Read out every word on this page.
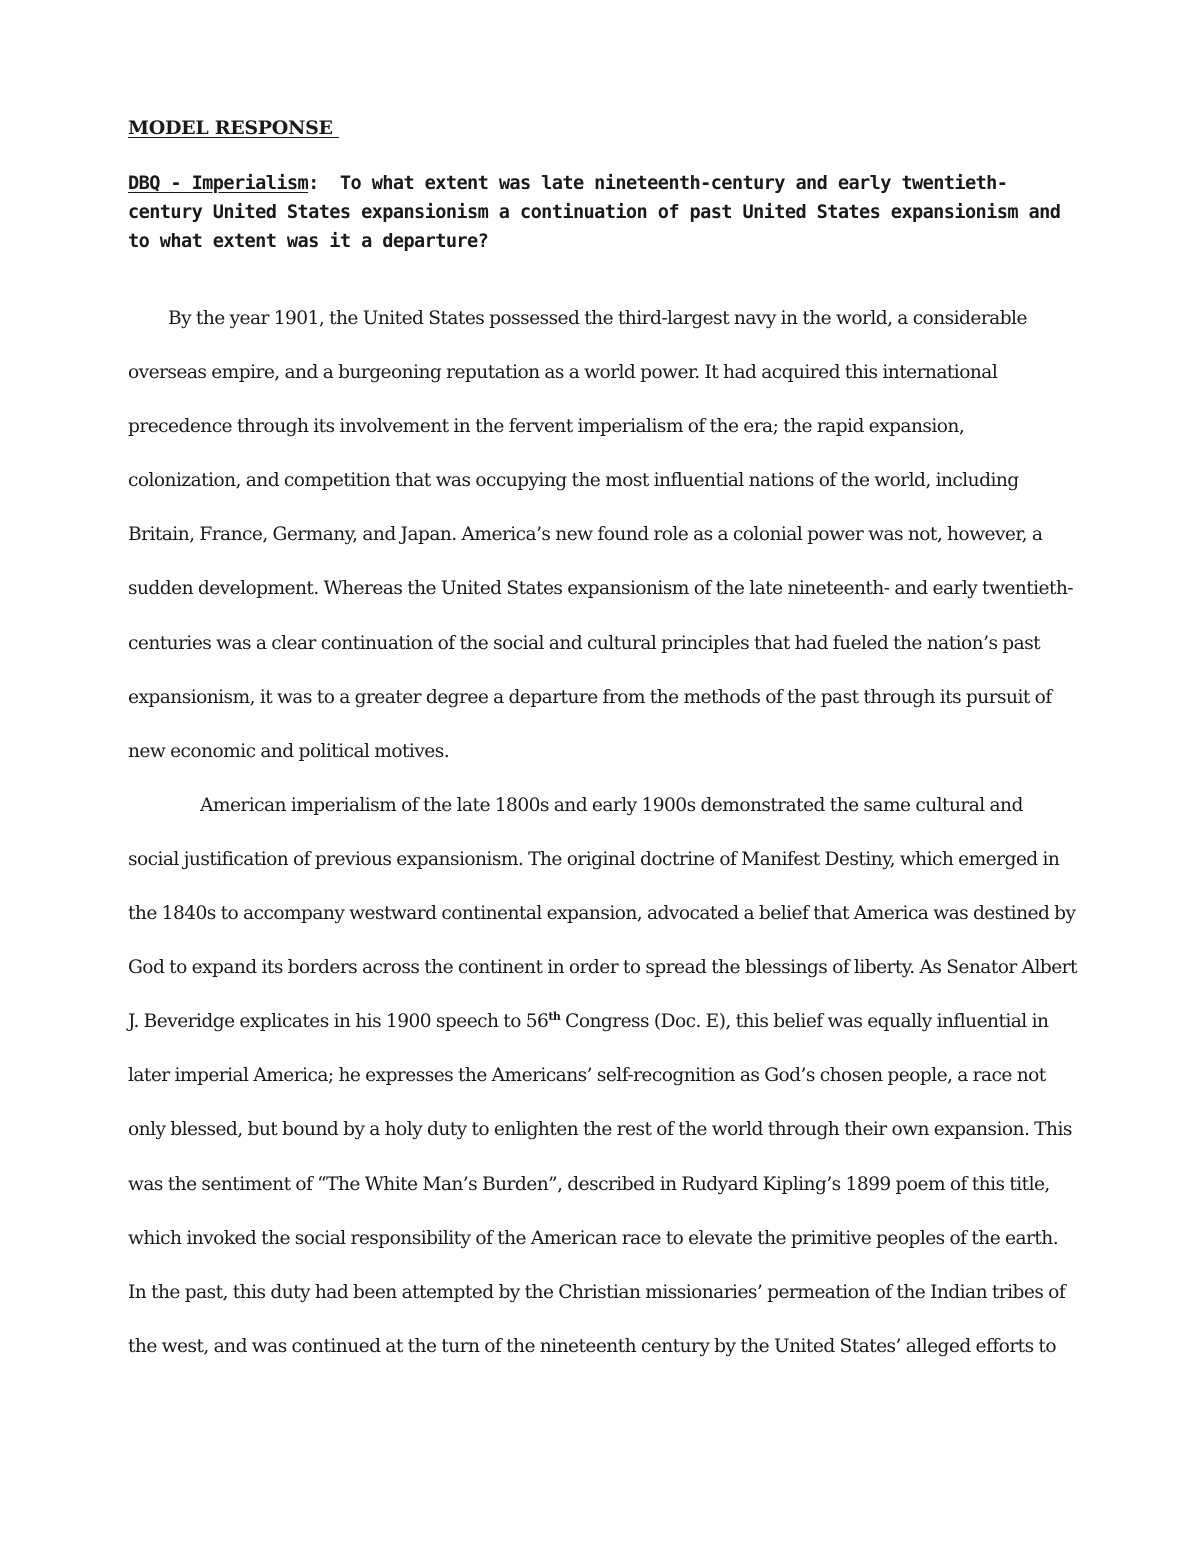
MODEL RESPONSE

DBQ - Imperialism:  To what extent was late nineteenth-century and early twentieth-century United States expansionism a continuation of past United States expansionism and to what extent was it a departure?

By the year 1901, the United States possessed the third-largest navy in the world, a considerable overseas empire, and a burgeoning reputation as a world power. It had acquired this international precedence through its involvement in the fervent imperialism of the era; the rapid expansion, colonization, and competition that was occupying the most influential nations of the world, including Britain, France, Germany, and Japan. America’s new found role as a colonial power was not, however, a sudden development. Whereas the United States expansionism of the late nineteenth- and early twentieth-centuries was a clear continuation of the social and cultural principles that had fueled the nation’s past expansionism, it was to a greater degree a departure from the methods of the past through its pursuit of new economic and political motives.

American imperialism of the late 1800s and early 1900s demonstrated the same cultural and social justification of previous expansionism. The original doctrine of Manifest Destiny, which emerged in the 1840s to accompany westward continental expansion, advocated a belief that America was destined by God to expand its borders across the continent in order to spread the blessings of liberty. As Senator Albert J. Beveridge explicates in his 1900 speech to 56th Congress (Doc. E), this belief was equally influential in later imperial America; he expresses the Americans’ self-recognition as God’s chosen people, a race not only blessed, but bound by a holy duty to enlighten the rest of the world through their own expansion. This was the sentiment of “The White Man’s Burden”, described in Rudyard Kipling’s 1899 poem of this title, which invoked the social responsibility of the American race to elevate the primitive peoples of the earth. In the past, this duty had been attempted by the Christian missionaries’ permeation of the Indian tribes of the west, and was continued at the turn of the nineteenth century by the United States’ alleged efforts to
